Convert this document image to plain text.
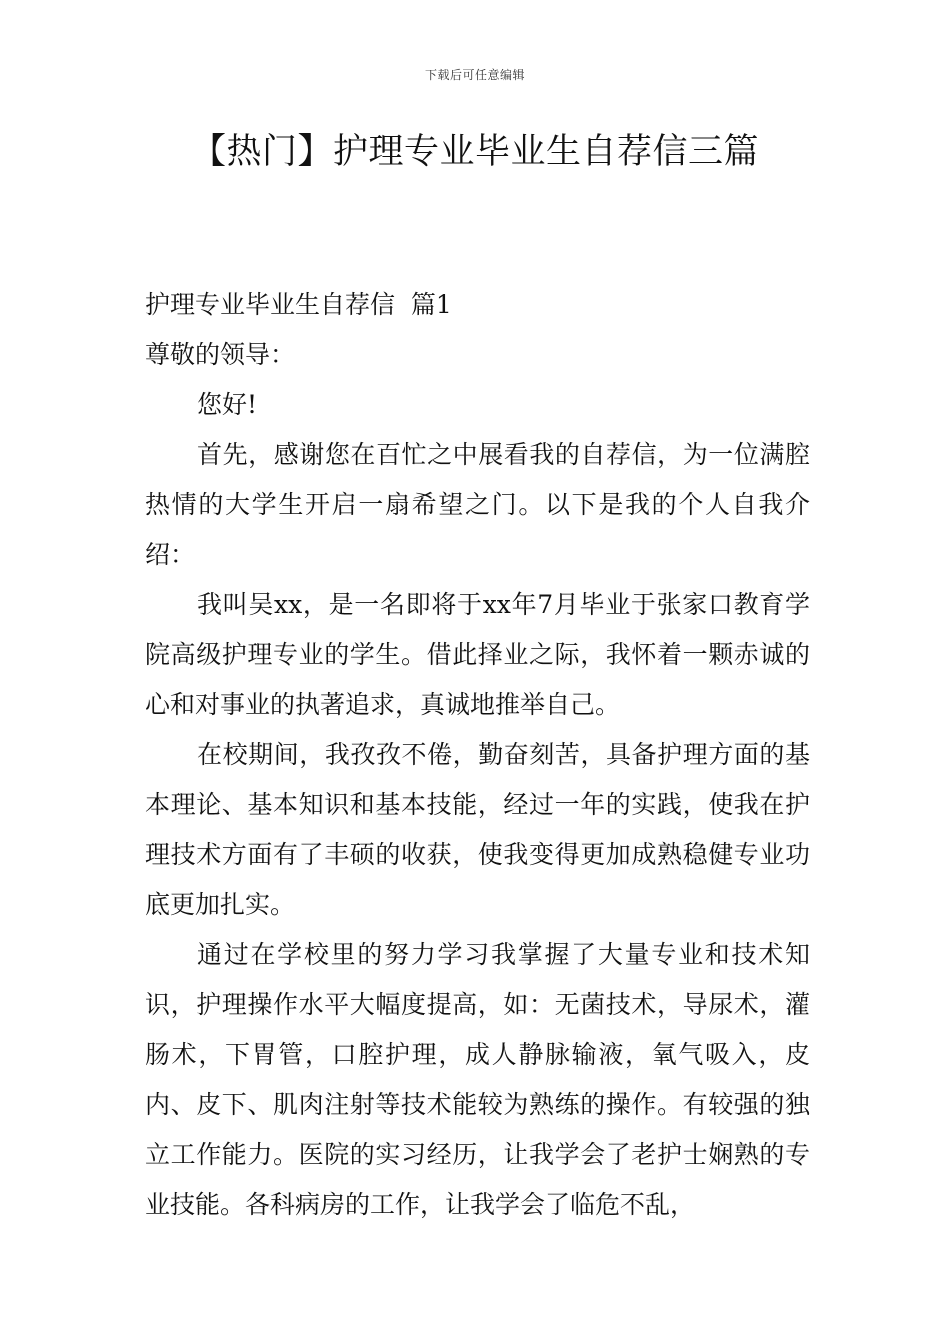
下载后可任意编辑
【热门】护理专业毕业生自荐信三篇

护理专业毕业生自荐信  篇1

尊敬的领导：

您好!

首先，感谢您在百忙之中展看我的自荐信，为一位满腔热情的大学生开启一扇希望之门。以下是我的个人自我介绍：

我叫吴xx，是一名即将于xx年7月毕业于张家口教育学院高级护理专业的学生。借此择业之际，我怀着一颗赤诚的心和对事业的执著追求，真诚地推举自己。

在校期间，我孜孜不倦，勤奋刻苦，具备护理方面的基本理论、基本知识和基本技能，经过一年的实践，使我在护理技术方面有了丰硕的收获，使我变得更加成熟稳健专业功底更加扎实。

通过在学校里的努力学习我掌握了大量专业和技术知识，护理操作水平大幅度提高，如：无菌技术，导尿术，灌肠术，下胃管，口腔护理，成人静脉输液，氧气吸入，皮内、皮下、肌肉注射等技术能较为熟练的操作。有较强的独立工作能力。医院的实习经历，让我学会了老护士娴熟的专业技能。各科病房的工作，让我学会了临危不乱，
